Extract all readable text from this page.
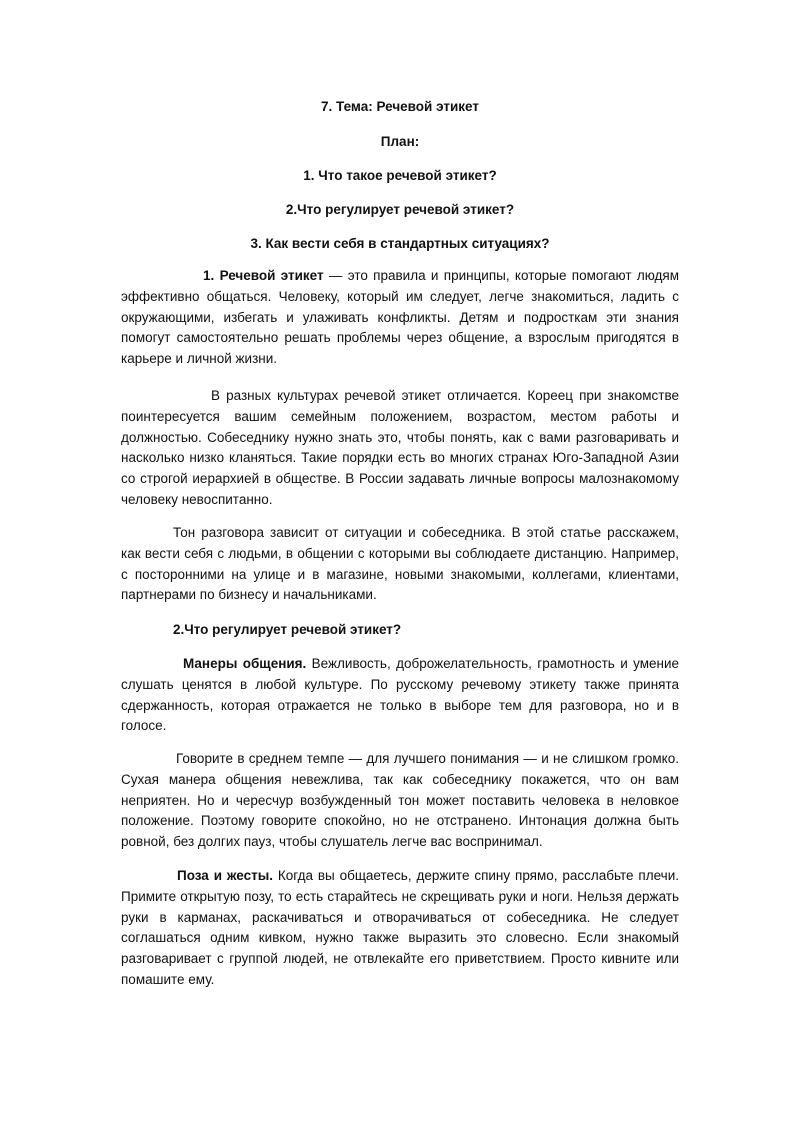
7. Тема: Речевой этикет
План:
1. Что такое речевой этикет?
2.Что регулирует речевой этикет?
3. Как вести себя в стандартных ситуациях?
1. Речевой этикет — это правила и принципы, которые помогают людям эффективно общаться. Человеку, который им следует, легче знакомиться, ладить с окружающими, избегать и улаживать конфликты. Детям и подросткам эти знания помогут самостоятельно решать проблемы через общение, а взрослым пригодятся в карьере и личной жизни.
В разных культурах речевой этикет отличается. Кореец при знакомстве поинтересуется вашим семейным положением, возрастом, местом работы и должностью. Собеседнику нужно знать это, чтобы понять, как с вами разговаривать и насколько низко кланяться. Такие порядки есть во многих странах Юго-Западной Азии со строгой иерархией в обществе. В России задавать личные вопросы малознакомому человеку невоспитанно.
Тон разговора зависит от ситуации и собеседника. В этой статье расскажем, как вести себя с людьми, в общении с которыми вы соблюдаете дистанцию. Например, с посторонними на улице и в магазине, новыми знакомыми, коллегами, клиентами, партнерами по бизнесу и начальниками.
2.Что регулирует речевой этикет?
Манеры общения. Вежливость, доброжелательность, грамотность и умение слушать ценятся в любой культуре. По русскому речевому этикету также принята сдержанность, которая отражается не только в выборе тем для разговора, но и в голосе.
Говорите в среднем темпе — для лучшего понимания — и не слишком громко. Сухая манера общения невежлива, так как собеседнику покажется, что он вам неприятен. Но и чересчур возбужденный тон может поставить человека в неловкое положение. Поэтому говорите спокойно, но не отстранено. Интонация должна быть ровной, без долгих пауз, чтобы слушатель легче вас воспринимал.
Поза и жесты. Когда вы общаетесь, держите спину прямо, расслабьте плечи. Примите открытую позу, то есть старайтесь не скрещивать руки и ноги. Нельзя держать руки в карманах, раскачиваться и отворачиваться от собеседника. Не следует соглашаться одним кивком, нужно также выразить это словесно. Если знакомый разговаривает с группой людей, не отвлекайте его приветствием. Просто кивните или помашите ему.
